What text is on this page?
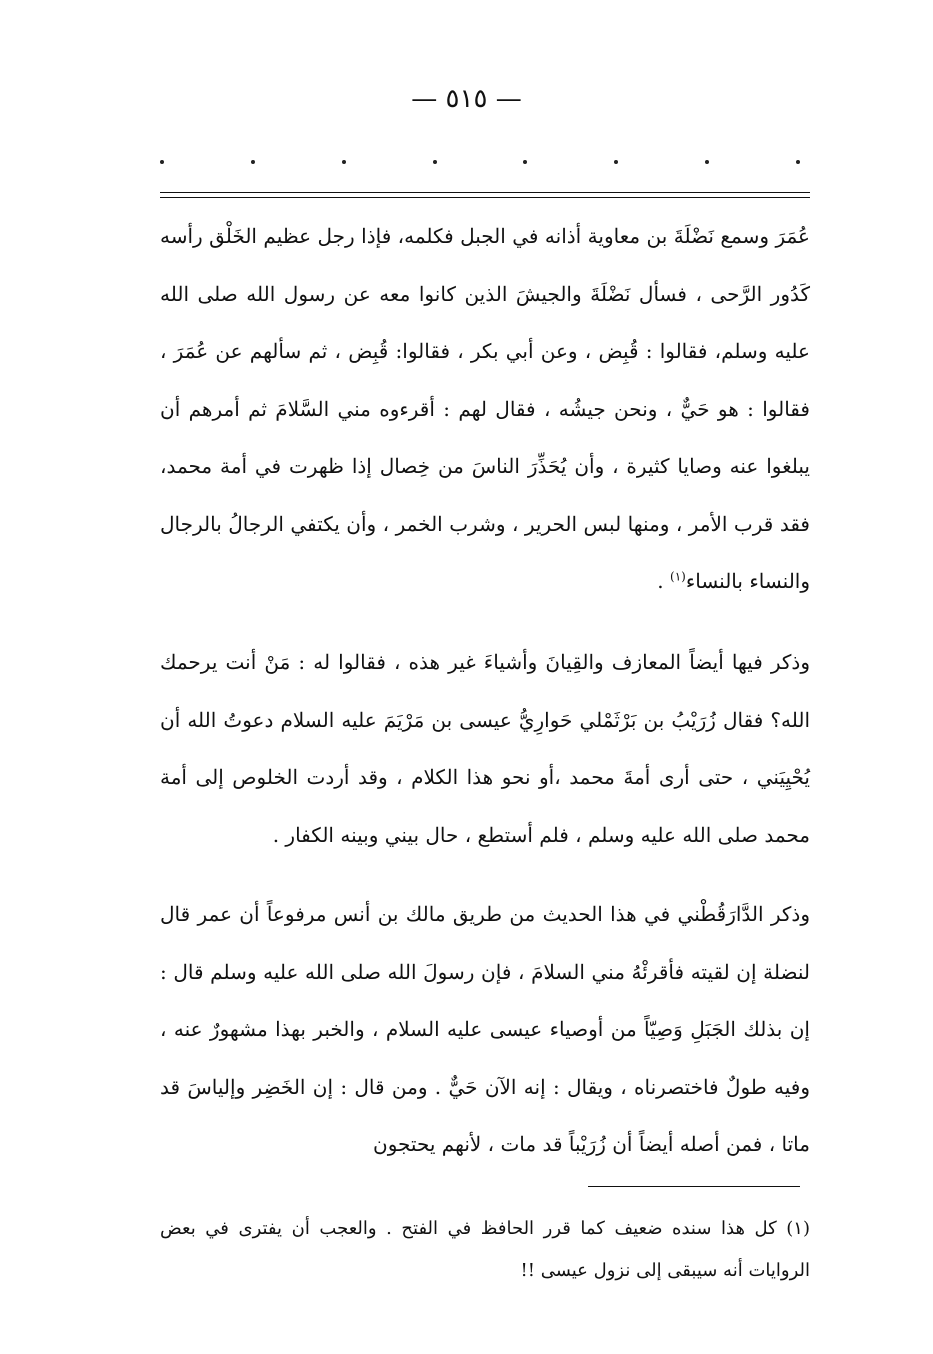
— ٥١٥ —

عُمَرَ وسمع نَضْلَةَ بن معاوية أذانه في الجبل فكلمه، فإذا رجل عظيم الخَلْق رأسه كَدُور الرَّحى ، فسأل نَضْلَةَ والجيشَ الذين كانوا معه عن رسول الله صلى الله عليه وسلم، فقالوا : قُبِض ، وعن أبي بكر ، فقالوا: قُبِض ، ثم سألهم عن عُمَرَ ، فقالوا : هو حَيٌّ ، ونحن جيشُه ، فقال لهم : أقرءوه مني السَّلامَ ثم أمرهم أن يبلغوا عنه وصايا كثيرة ، وأن يُحَذِّرَ الناسَ من خِصال إذا ظهرت في أمة محمد، فقد قرب الأمر ، ومنها لبس الحرير ، وشرب الخمر ، وأن يكتفي الرجالُ بالرجال والنساء بالنساء$^{(١)}$ .

وذكر فيها أيضاً المعازف والقِيانَ وأشياءَ غير هذه ، فقالوا له : مَنْ أنت يرحمك الله؟ فقال زُرَيْبُ بن بَرْثَمْلي حَوارِيُّ عيسى بن مَرْيَمَ عليه السلام دعوتُ الله أن يُحْيِيَني ، حتى أرى أمةَ محمد ،أو نحو هذا الكلام ، وقد أردت الخلوص إلى أمة محمد صلى الله عليه وسلم ، فلم أستطع ، حال بيني وبينه الكفار .

وذكر الدَّارَقُطْني في هذا الحديث من طريق مالك بن أنس مرفوعاً أن عمر قال لنضلة إن لقيته فأقرئْهُ مني السلامَ ، فإن رسولَ الله صلى الله عليه وسلم قال : إن بذلك الجَبَلِ وَصِيّاً من أوصياء عيسى عليه السلام ، والخبر بهذا مشهورٌ عنه ، وفيه طولٌ فاختصرناه ، ويقال : إنه الآن حَيٌّ . ومن قال : إن الخَضِر وإلياسَ قد ماتا ، فمن أصله أيضاً أن زُرَيْباً قد مات ، لأنهم يحتجون

(١) كل هذا سنده ضعيف كما قرر الحافظ في الفتح . والعجب أن يفترى في بعض الروايات أنه سيبقى إلى نزول عيسى !!
